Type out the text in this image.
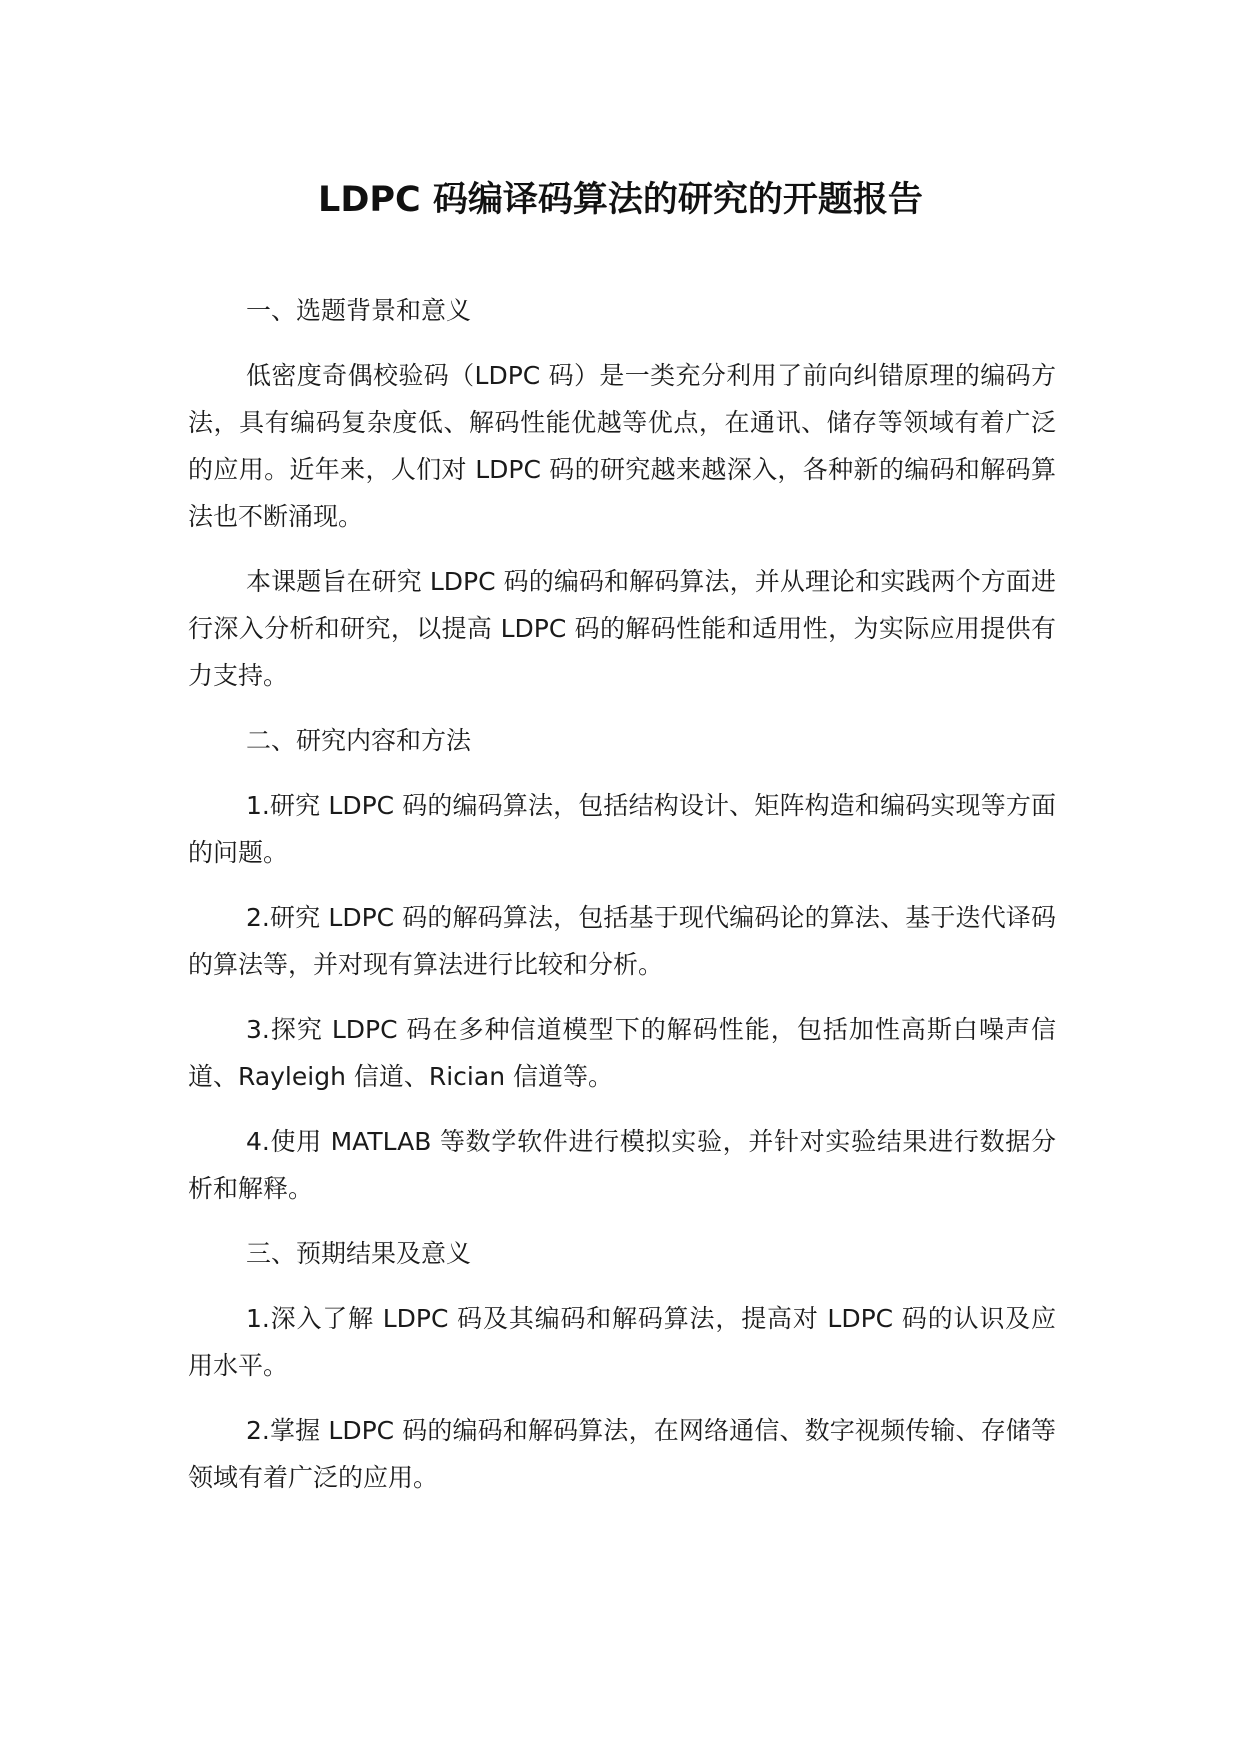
LDPC 码编译码算法的研究的开题报告

一、选题背景和意义

低密度奇偶校验码（LDPC 码）是一类充分利用了前向纠错原理的编码方法，具有编码复杂度低、解码性能优越等优点，在通讯、储存等领域有着广泛的应用。近年来，人们对 LDPC 码的研究越来越深入，各种新的编码和解码算法也不断涌现。

本课题旨在研究 LDPC 码的编码和解码算法，并从理论和实践两个方面进行深入分析和研究，以提高 LDPC 码的解码性能和适用性，为实际应用提供有力支持。

二、研究内容和方法

1.研究 LDPC 码的编码算法，包括结构设计、矩阵构造和编码实现等方面的问题。

2.研究 LDPC 码的解码算法，包括基于现代编码论的算法、基于迭代译码的算法等，并对现有算法进行比较和分析。

3.探究 LDPC 码在多种信道模型下的解码性能，包括加性高斯白噪声信道、Rayleigh 信道、Rician 信道等。

4.使用 MATLAB 等数学软件进行模拟实验，并针对实验结果进行数据分析和解释。

三、预期结果及意义

1.深入了解 LDPC 码及其编码和解码算法，提高对 LDPC 码的认识及应用水平。

2.掌握 LDPC 码的编码和解码算法，在网络通信、数字视频传输、存储等领域有着广泛的应用。
